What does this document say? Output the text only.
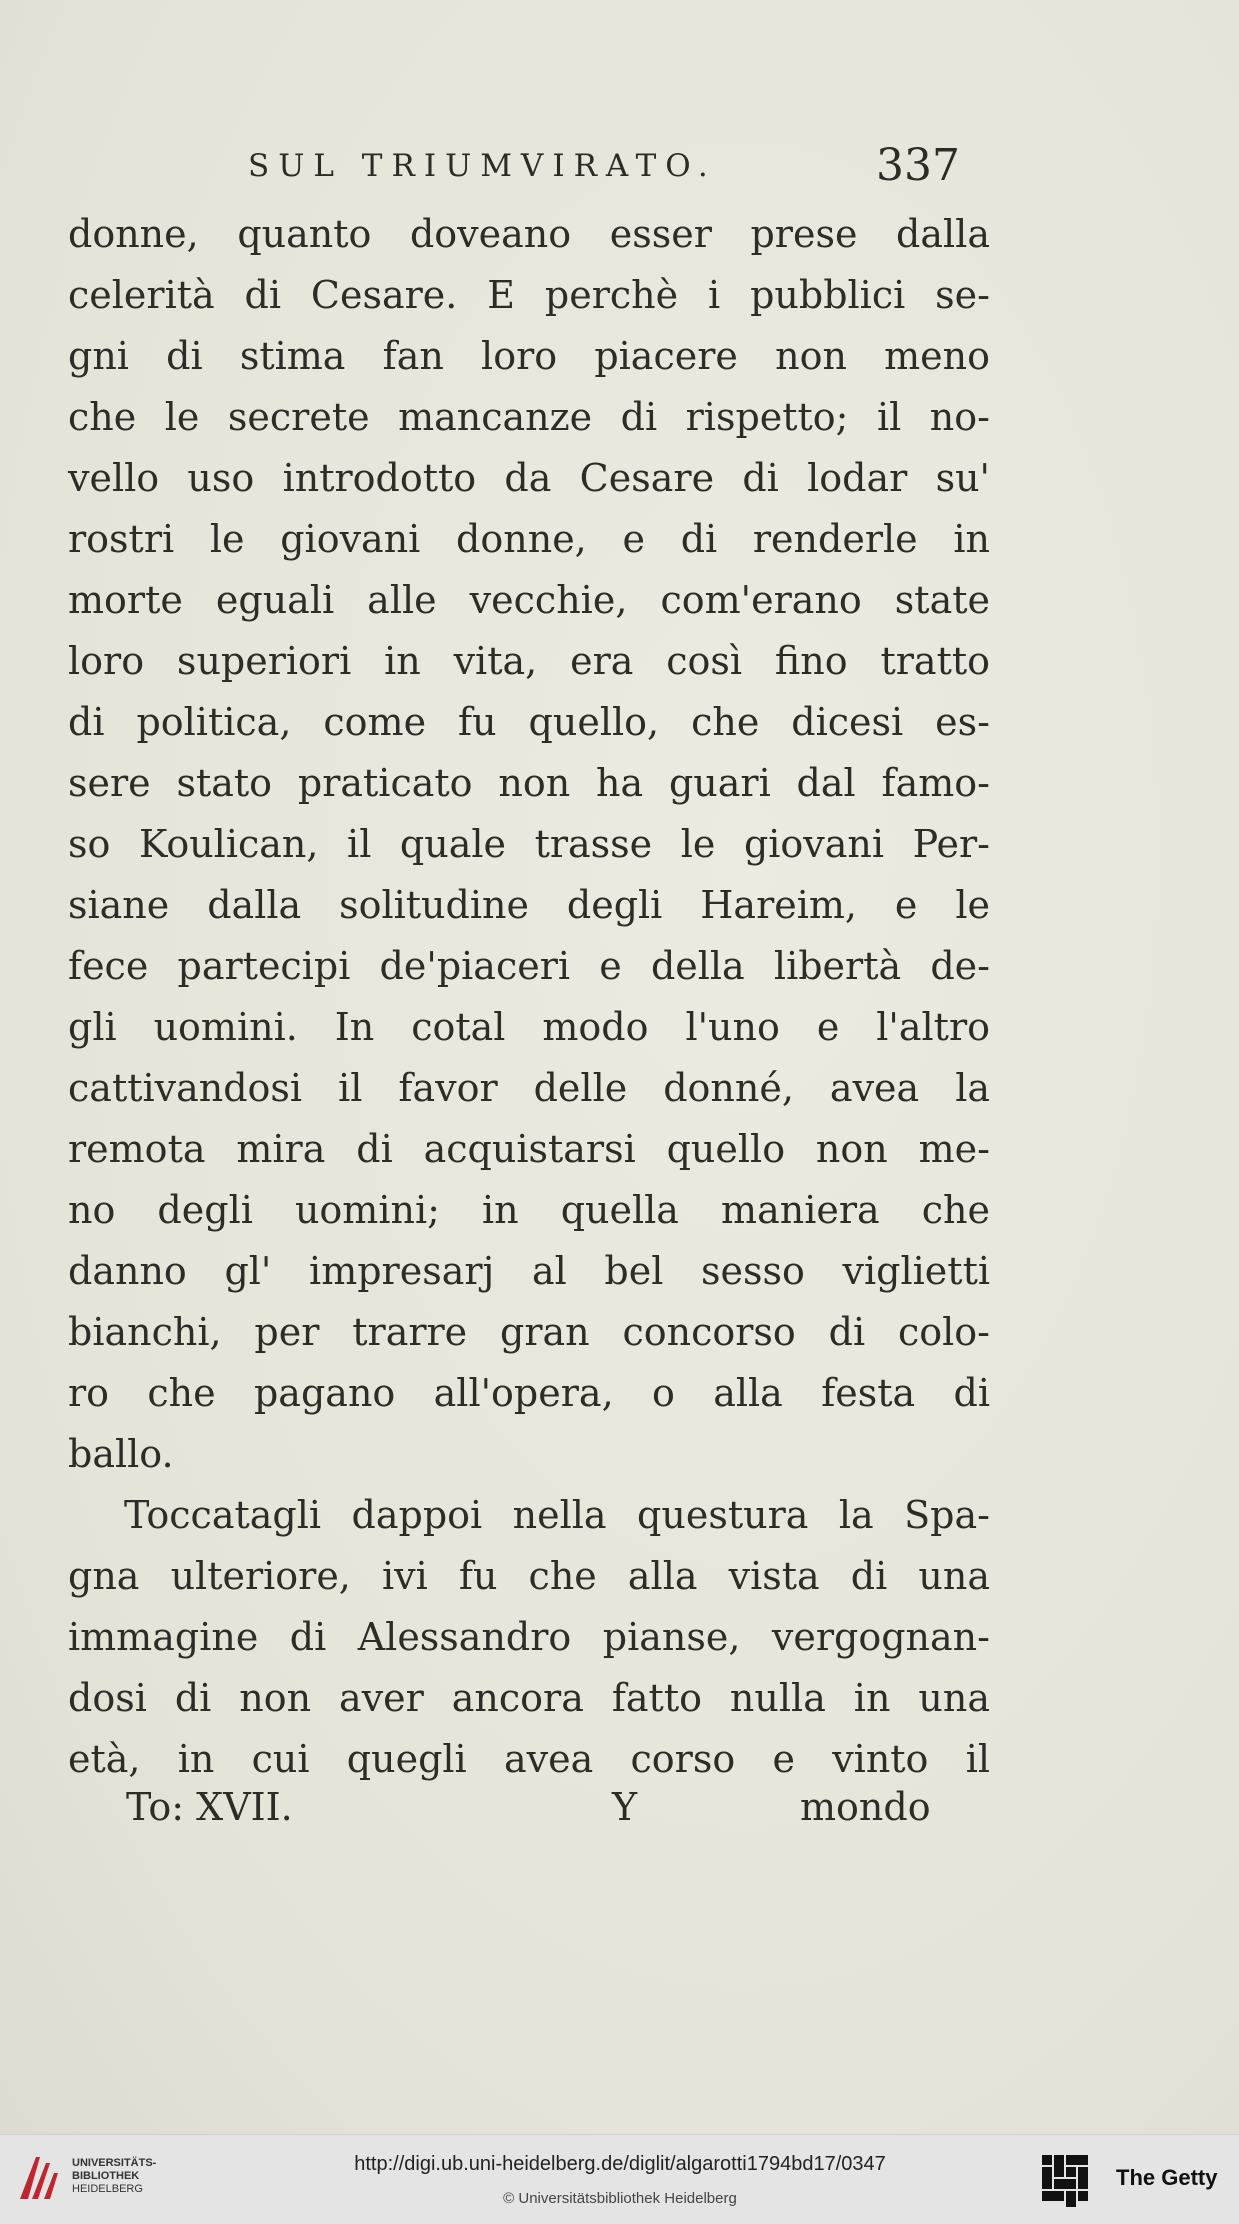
SUL TRIUMVIRATO.	337
donne, quanto doveano esser prese dalla
celerità di Cesare. E perchè i pubblici se-
gni di stima fan loro piacere non meno
che le secrete mancanze di rispetto; il no-
vello uso introdotto da Cesare di lodar su'
rostri le giovani donne, e di renderle in
morte eguali alle vecchie, com'erano state
loro superiori in vita, era così fino tratto
di politica, come fu quello, che dicesi es-
sere stato praticato non ha guari dal famo-
so Koulican, il quale trasse le giovani Per-
siane dalla solitudine degli Hareim, e le
fece partecipi de'piaceri e della libertà de-
gli uomini. In cotal modo l'uno e l'altro
cattivandosi il favor delle donné, avea la
remota mira di acquistarsi quello non me-
no degli uomini; in quella maniera che
danno gl' impresarj al bel sesso viglietti
bianchi, per trarre gran concorso di colo-
ro che pagano all'opera, o alla festa di
ballo.
Toccatagli dappoi nella questura la Spa-
gna ulteriore, ivi fu che alla vista di una
immagine di Alessandro pianse, vergognan-
dosi di non aver ancora fatto nulla in una
età, in cui quegli avea corso e vinto il
To: XVII.	Y	mondo
UNIVERSITÄTS-
BIBLIOTHEK
HEIDELBERG
http://digi.ub.uni-heidelberg.de/diglit/algarotti1794bd17/0347
© Universitätsbibliothek Heidelberg
The Getty
